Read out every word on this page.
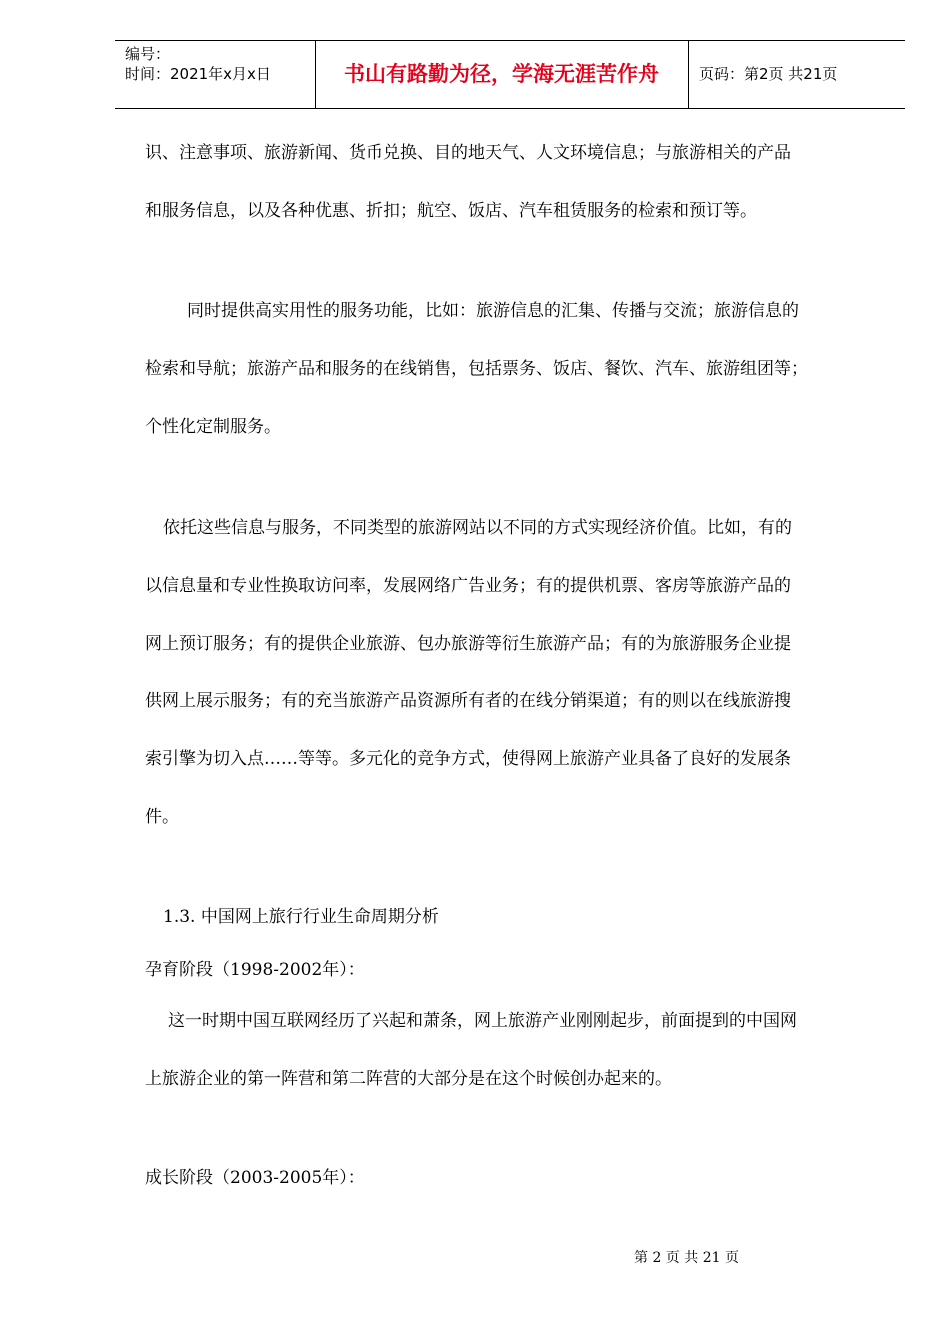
编号：
时间：2021年x月x日	书山有路勤为径，学海无涯苦作舟	页码：第2页 共21页
识、注意事项、旅游新闻、货币兑换、目的地天气、人文环境信息；与旅游相关的产品
和服务信息，以及各种优惠、折扣；航空、饭店、汽车租赁服务的检索和预订等。
同时提供高实用性的服务功能，比如：旅游信息的汇集、传播与交流；旅游信息的
检索和导航；旅游产品和服务的在线销售，包括票务、饭店、餐饮、汽车、旅游组团等；
个性化定制服务。
依托这些信息与服务，不同类型的旅游网站以不同的方式实现经济价值。比如，有的
以信息量和专业性换取访问率，发展网络广告业务；有的提供机票、客房等旅游产品的
网上预订服务；有的提供企业旅游、包办旅游等衍生旅游产品；有的为旅游服务企业提
供网上展示服务；有的充当旅游产品资源所有者的在线分销渠道；有的则以在线旅游搜
索引擎为切入点……等等。多元化的竞争方式，使得网上旅游产业具备了良好的发展条
件。
1.3. 中国网上旅行行业生命周期分析
孕育阶段（1998-2002年）：
这一时期中国互联网经历了兴起和萧条，网上旅游产业刚刚起步，前面提到的中国网
上旅游企业的第一阵营和第二阵营的大部分是在这个时候创办起来的。
成长阶段（2003-2005年）：
第 2 页 共 21 页
